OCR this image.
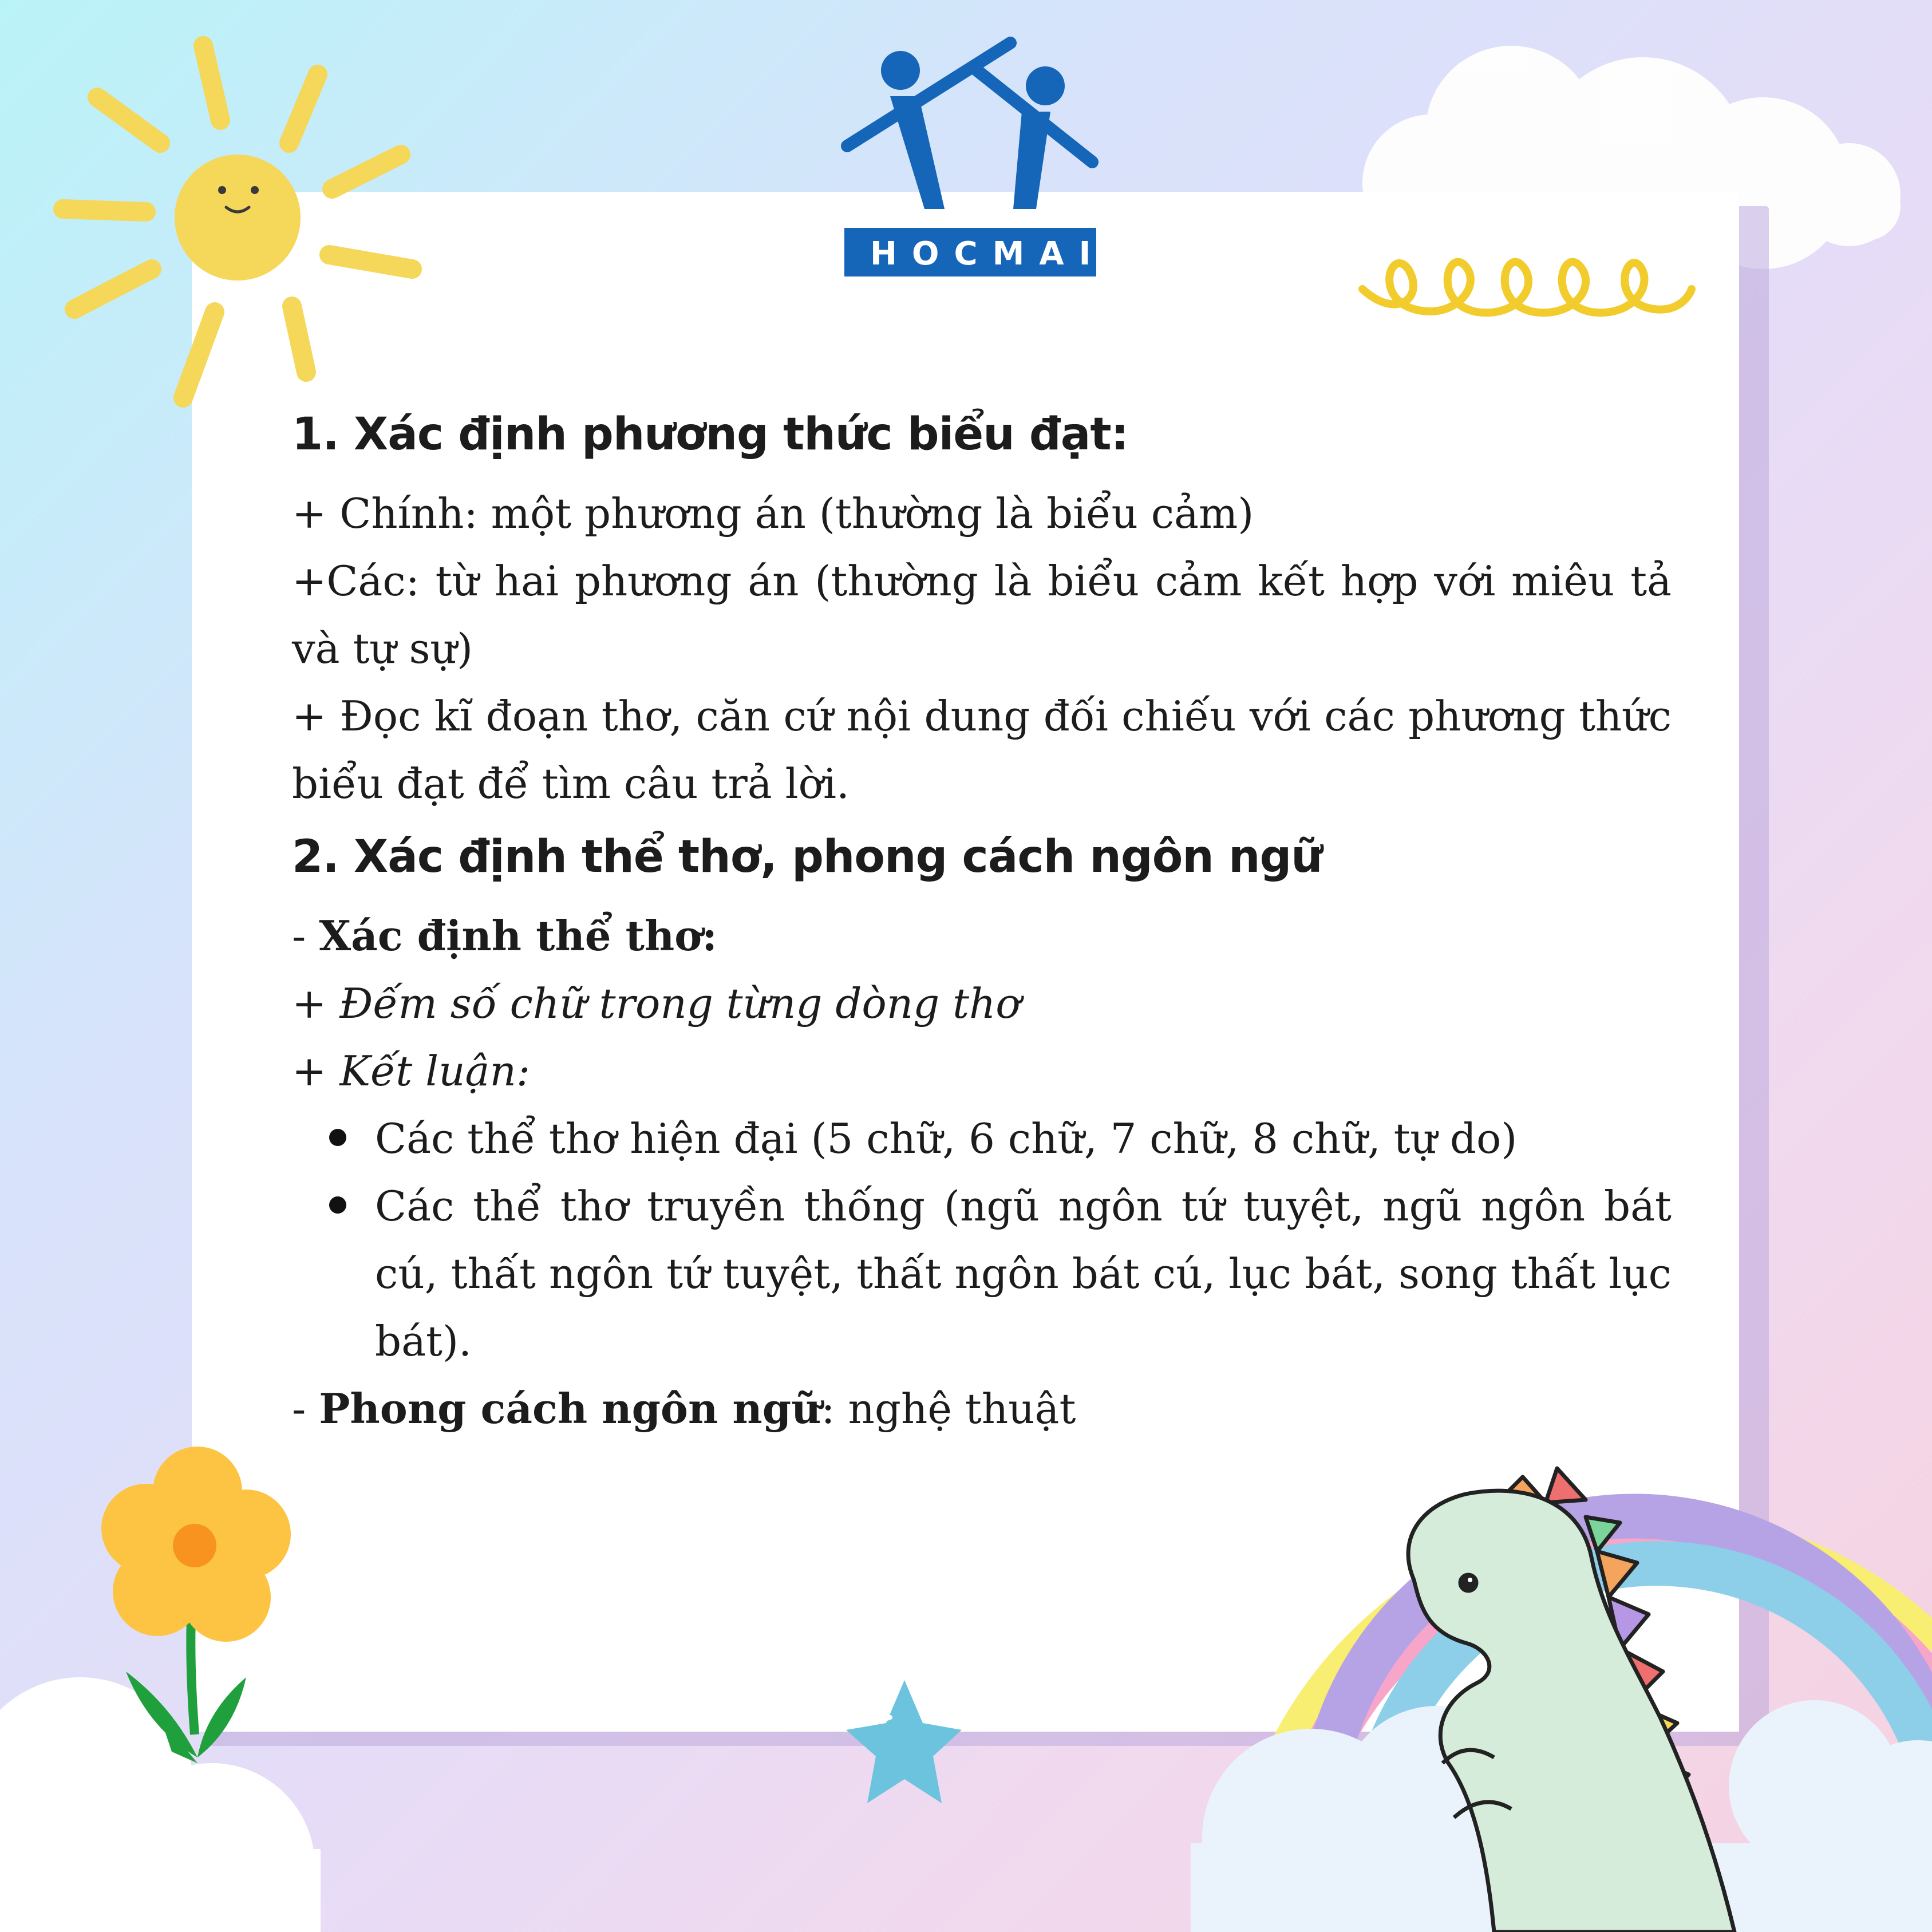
HOCMAI
1. Xác định phương thức biểu đạt:

+ Chính: một phương án (thường là biểu cảm)

+Các: từ hai phương án (thường là biểu cảm kết hợp với miêu tả và tự sự)

+ Đọc kĩ đoạn thơ, căn cứ nội dung đối chiếu với các phương thức biểu đạt để tìm câu trả lời.

2. Xác định thể thơ, phong cách ngôn ngữ

- Xác định thể thơ:

+ Đếm số chữ trong từng dòng thơ

+ Kết luận:

Các thể thơ hiện đại (5 chữ, 6 chữ, 7 chữ, 8 chữ, tự do)
Các thể thơ truyền thống (ngũ ngôn tứ tuyệt, ngũ ngôn bát cú, thất ngôn tứ tuyệt, thất ngôn bát cú, lục bát, song thất lục bát).

- Phong cách ngôn ngữ: nghệ thuật
